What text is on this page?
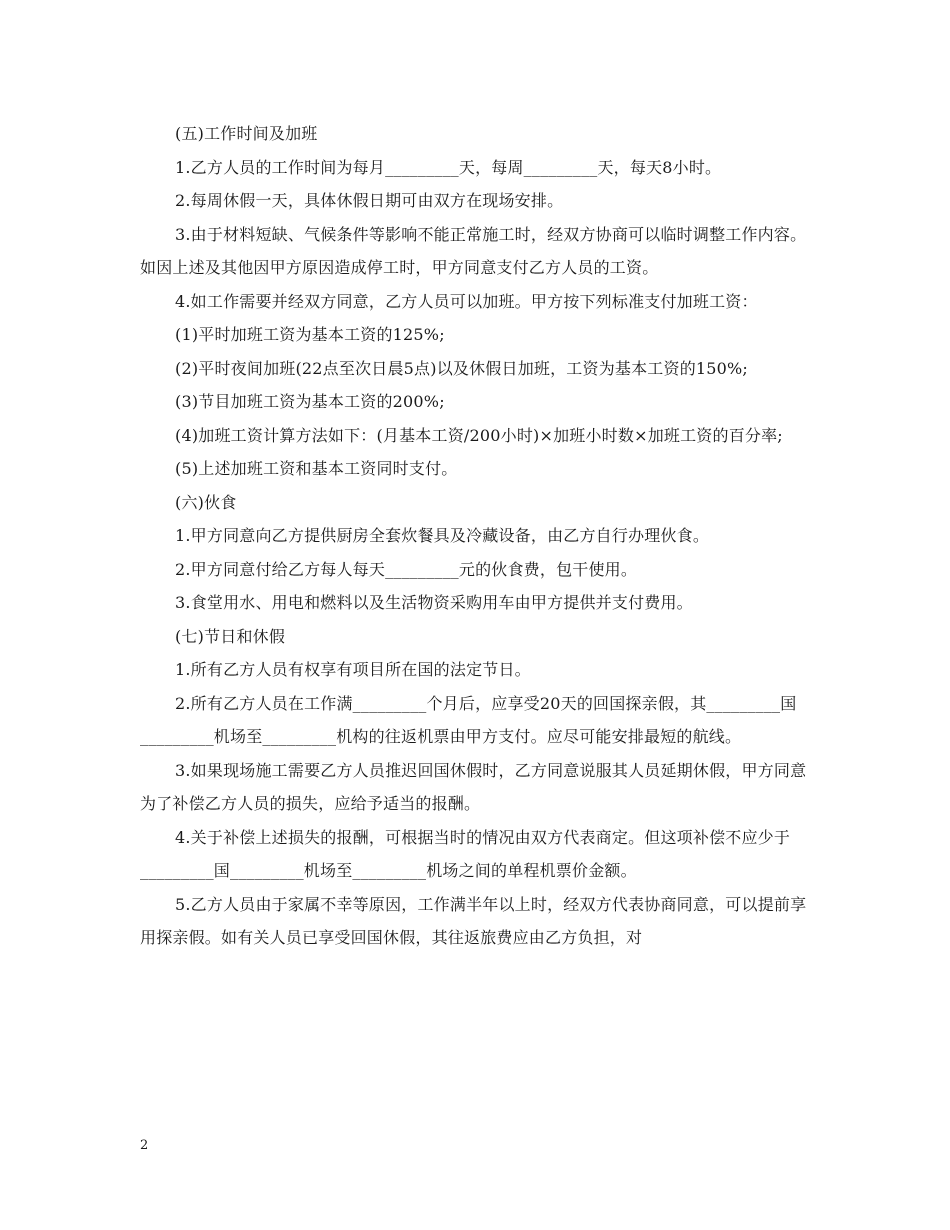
(五)工作时间及加班

1.乙方人员的工作时间为每月_________天，每周_________天，每天8小时。

2.每周休假一天，具体休假日期可由双方在现场安排。

3.由于材料短缺、气候条件等影响不能正常施工时，经双方协商可以临时调整工作内容。如因上述及其他因甲方原因造成停工时，甲方同意支付乙方人员的工资。

4.如工作需要并经双方同意，乙方人员可以加班。甲方按下列标准支付加班工资：

(1)平时加班工资为基本工资的125%;

(2)平时夜间加班(22点至次日晨5点)以及休假日加班，工资为基本工资的150%;

(3)节目加班工资为基本工资的200%;

(4)加班工资计算方法如下：(月基本工资/200小时)×加班小时数×加班工资的百分率;

(5)上述加班工资和基本工资同时支付。

(六)伙食

1.甲方同意向乙方提供厨房全套炊餐具及冷藏设备，由乙方自行办理伙食。

2.甲方同意付给乙方每人每天_________元的伙食费，包干使用。

3.食堂用水、用电和燃料以及生活物资采购用车由甲方提供并支付费用。

(七)节日和休假

1.所有乙方人员有权享有项目所在国的法定节日。

2.所有乙方人员在工作满_________个月后，应享受20天的回国探亲假，其_________国_________机场至_________机构的往返机票由甲方支付。应尽可能安排最短的航线。

3.如果现场施工需要乙方人员推迟回国休假时，乙方同意说服其人员延期休假，甲方同意为了补偿乙方人员的损失，应给予适当的报酬。

4.关于补偿上述损失的报酬，可根据当时的情况由双方代表商定。但这项补偿不应少于_________国_________机场至_________机场之间的单程机票价金额。

5.乙方人员由于家属不幸等原因，工作满半年以上时，经双方代表协商同意，可以提前享用探亲假。如有关人员已享受回国休假，其往返旅费应由乙方负担，对

2
